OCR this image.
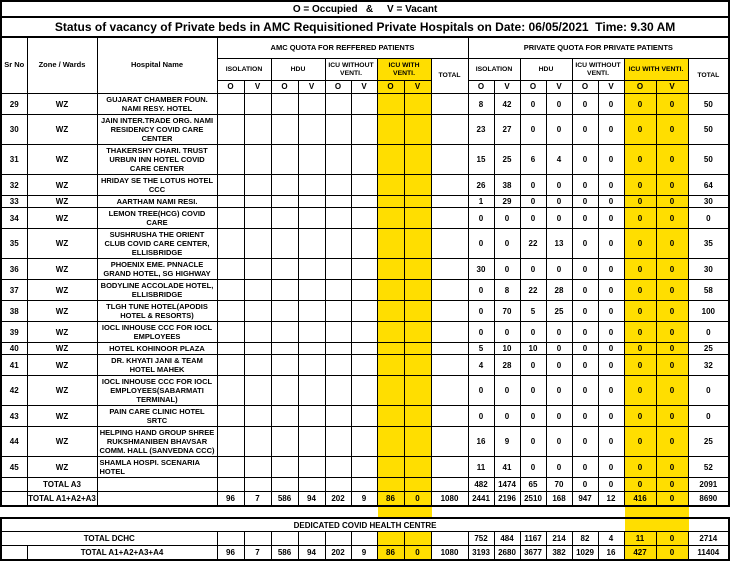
O = Occupied   &     V = Vacant																				
Status of vacancy of Private beds in AMC Requisitioned Private Hospitals on Date: 06/05/2021  Time: 9.30 AM																				
Sr No	Zone / Wards	Hospital Name	AMC QUOTA FOR REFFERED PATIENTS									PRIVATE QUOTA FOR PRIVATE PATIENTS								
			ISOLATION		HDU		ICU WITHOUT VENTI.		ICU WITH VENTI.		TOTAL	ISOLATION		HDU		ICU WITHOUT VENTI.		ICU WITH VENTI.		TOTAL
			O	V	O	V	O	V	O	V		O	V	O	V	O	V	O	V	
29	WZ	GUJARAT CHAMBER FOUN. NAMI RESY. HOTEL										8	42	0	0	0	0	0	0	50
30	WZ	JAIN INTER.TRADE ORG. NAMI RESIDENCY COVID CARE CENTER										23	27	0	0	0	0	0	0	50
31	WZ	THAKERSHY CHARI. TRUST URBUN INN HOTEL COVID CARE CENTER										15	25	6	4	0	0	0	0	50
32	WZ	HRIDAY SE THE LOTUS HOTEL CCC										26	38	0	0	0	0	0	0	64
33	WZ	AARTHAM NAMI RESI.										1	29	0	0	0	0	0	0	30
34	WZ	LEMON TREE(HCG) COVID CARE										0	0	0	0	0	0	0	0	0
35	WZ	SUSHRUSHA THE ORIENT CLUB COVID CARE CENTER, ELLISBRIDGE										0	0	22	13	0	0	0	0	35
36	WZ	PHOENIX EME. PNNACLE GRAND HOTEL, SG HIGHWAY										30	0	0	0	0	0	0	0	30
37	WZ	BODYLINE ACCOLADE HOTEL, ELLISBRIDGE										0	8	22	28	0	0	0	0	58
38	WZ	TLGH TUNE HOTEL(APODIS HOTEL & RESORTS)										0	70	5	25	0	0	0	0	100
39	WZ	IOCL INHOUSE CCC FOR IOCL EMPLOYEES										0	0	0	0	0	0	0	0	0
40	WZ	HOTEL KOHINOOR PLAZA										5	10	10	0	0	0	0	0	25
41	WZ	DR. KHYATI JANI & TEAM HOTEL MAHEK										4	28	0	0	0	0	0	0	32
42	WZ	IOCL INHOUSE CCC FOR IOCL EMPLOYEES(SABARMATI TERMINAL)										0	0	0	0	0	0	0	0	0
43	WZ	PAIN CARE CLINIC HOTEL SRTC										0	0	0	0	0	0	0	0	0
44	WZ	HELPING HAND GROUP SHREE RUKSHMANIBEN BHAVSAR COMM. HALL (SANVEDNA CCC)										16	9	0	0	0	0	0	0	25
45	WZ	SHAMLA HOSPI. SCENARIA HOTEL										11	41	0	0	0	0	0	0	52
	TOTAL A3											482	1474	65	70	0	0	0	0	2091
	TOTAL A1+A2+A3		96	7	586	94	202	9	86	0	1080	2441	2196	2510	168	947	12	416	0	8690
DEDICATED COVID HEALTH CENTRE																			

TOTAL DCHC											752	484	1167	214	82	4	11	0	2714
	TOTAL A1+A2+A3+A4	96	7	586	94	202	9	86	0	1080	3193	2680	3677	382	1029	16	427	0	11404
